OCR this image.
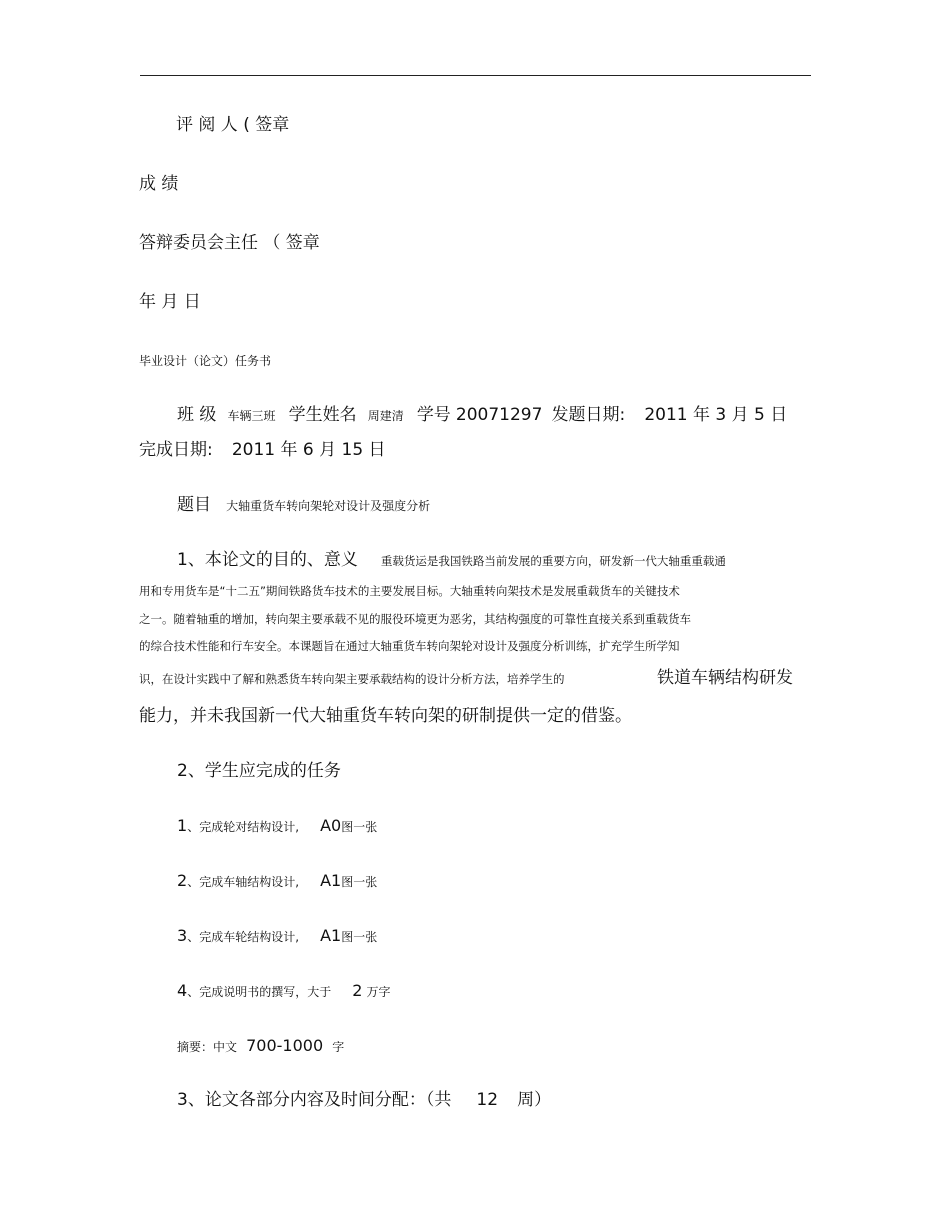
评 阅 人 ( 签章
成 绩
答辩委员会主任 （ 签章
年 月 日
毕业设计（论文）任务书
班 级 车辆三班 学生姓名 周建清 学号 20071297 发题日期: 2011 年 3 月 5 日
完成日期: 2011 年 6 月 15 日
题目 大轴重货车转向架轮对设计及强度分析
1、本论文的目的、意义 重载货运是我国铁路当前发展的重要方向，研发新一代大轴重重载通
用和专用货车是“十二五”期间铁路货车技术的主要发展目标。大轴重转向架技术是发展重载货车的关键技术
之一。随着轴重的增加，转向架主要承载不见的服役环境更为恶劣，其结构强度的可靠性直接关系到重载货车
的综合技术性能和行车安全。本课题旨在通过大轴重货车转向架轮对设计及强度分析训练，扩充学生所学知
识，在设计实践中了解和熟悉货车转向架主要承载结构的设计分析方法，培养学生的	铁道车辆结构研发
能力，并未我国新一代大轴重货车转向架的研制提供一定的借鉴。
2、学生应完成的任务
1、完成轮对结构设计, A0图一张
2、完成车轴结构设计, A1图一张
3、完成车轮结构设计, A1图一张
4、完成说明书的撰写，大于 2 万字
摘要：中文 700-1000 字
3、论文各部分内容及时间分配：（共 12 周）
